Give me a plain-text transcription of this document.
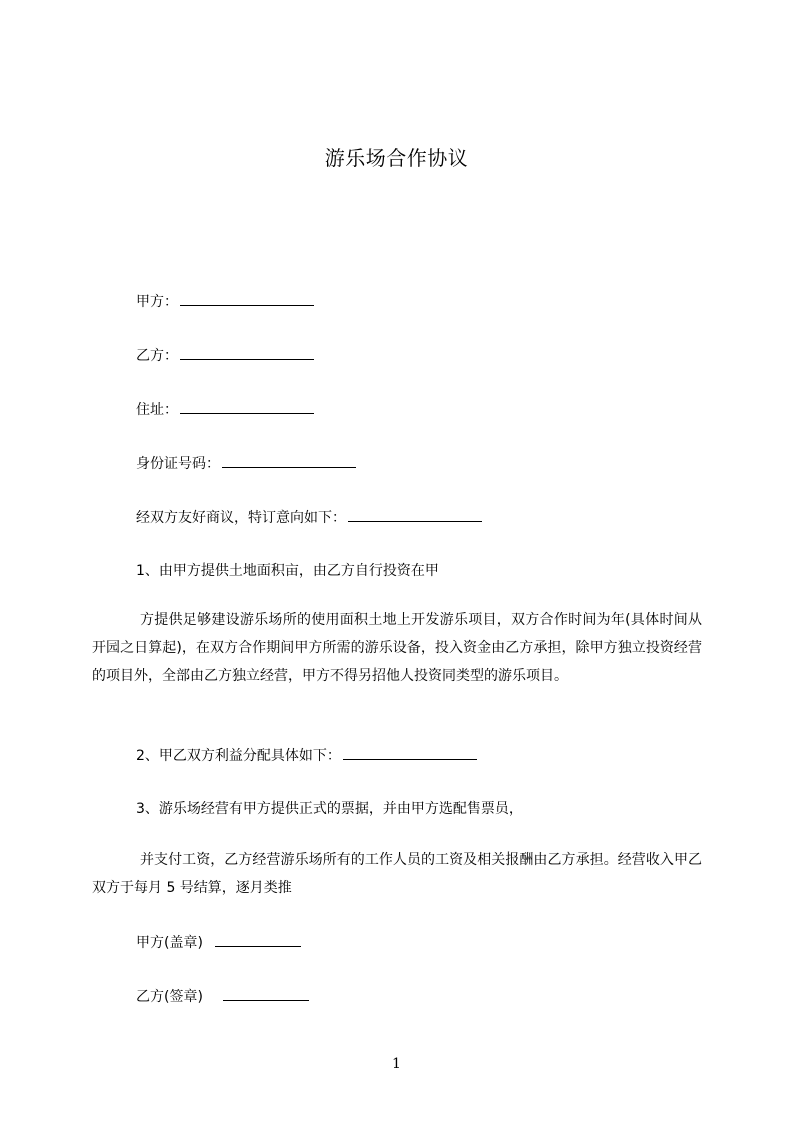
游乐场合作协议
甲方：
乙方：
住址：
身份证号码：
经双方友好商议，特订意向如下：
1、由甲方提供土地面积亩，由乙方自行投资在甲
方提供足够建设游乐场所的使用面积土地上开发游乐项目，双方合作时间为年(具体时间从开园之日算起)，在双方合作期间甲方所需的游乐设备，投入资金由乙方承担，除甲方独立投资经营的项目外，全部由乙方独立经营，甲方不得另招他人投资同类型的游乐项目。
2、甲乙双方利益分配具体如下：
3、游乐场经营有甲方提供正式的票据，并由甲方选配售票员，
并支付工资，乙方经营游乐场所有的工作人员的工资及相关报酬由乙方承担。经营收入甲乙双方于每月 5 号结算，逐月类推
甲方(盖章)
乙方(签章)
1
